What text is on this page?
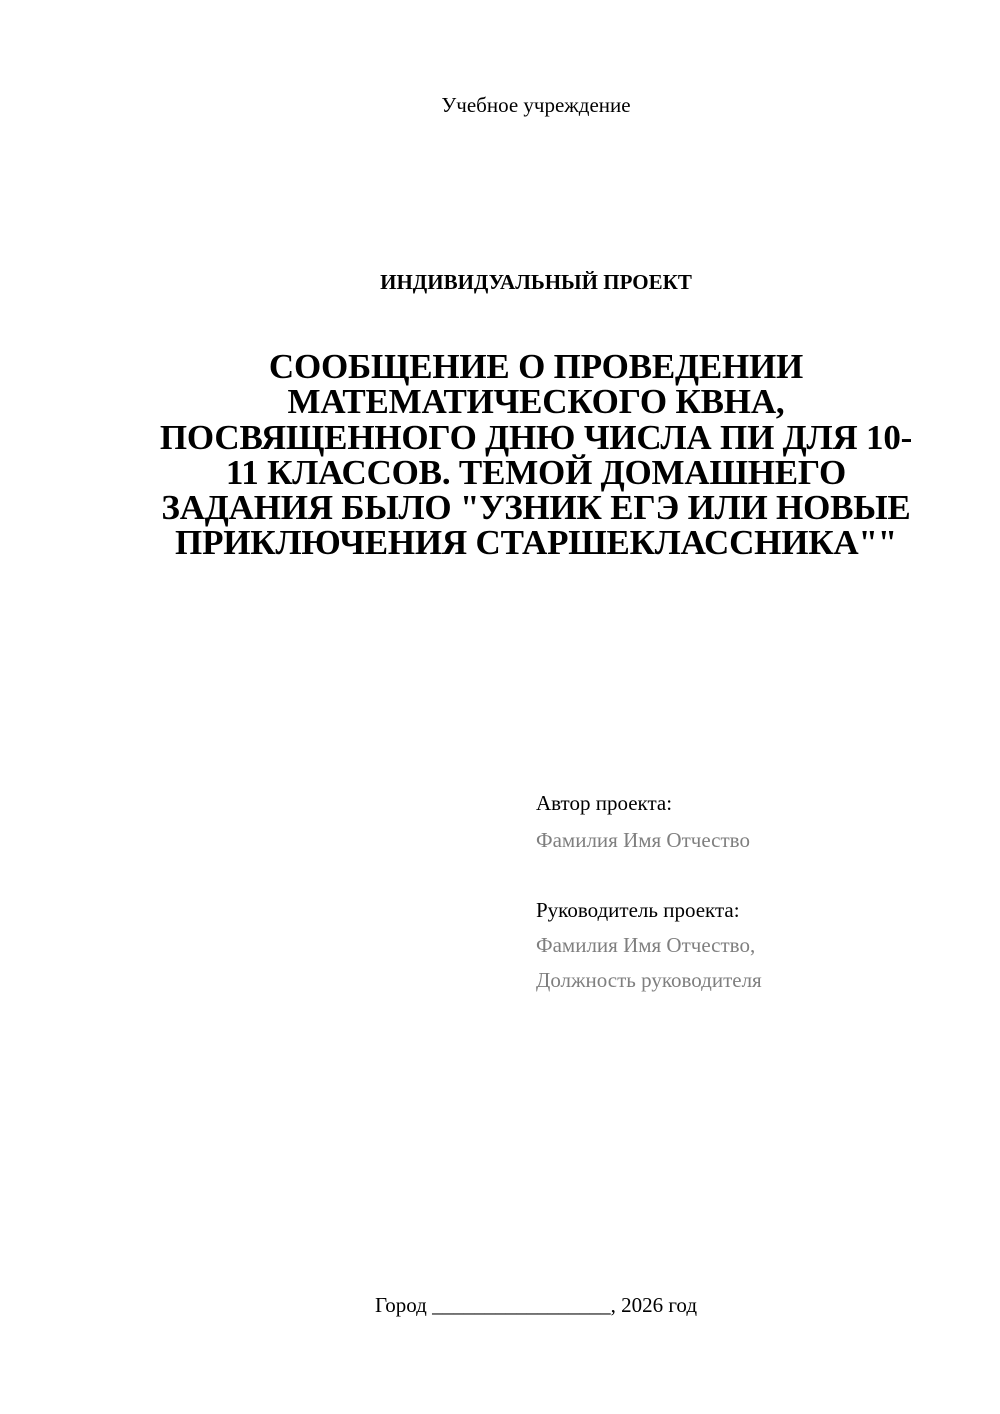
Учебное учреждение
ИНДИВИДУАЛЬНЫЙ ПРОЕКТ
СООБЩЕНИЕ О ПРОВЕДЕНИИ МАТЕМАТИЧЕСКОГО КВНА, ПОСВЯЩЕННОГО ДНЮ ЧИСЛА ПИ ДЛЯ 10-11 КЛАССОВ. ТЕМОЙ ДОМАШНЕГО ЗАДАНИЯ БЫЛО "УЗНИК ЕГЭ ИЛИ НОВЫЕ ПРИКЛЮЧЕНИЯ СТАРШЕКЛАССНИКА""
Автор проекта:
Фамилия Имя Отчество
Руководитель проекта:
Фамилия Имя Отчество,
Должность руководителя
Город _________________, 2026 год
